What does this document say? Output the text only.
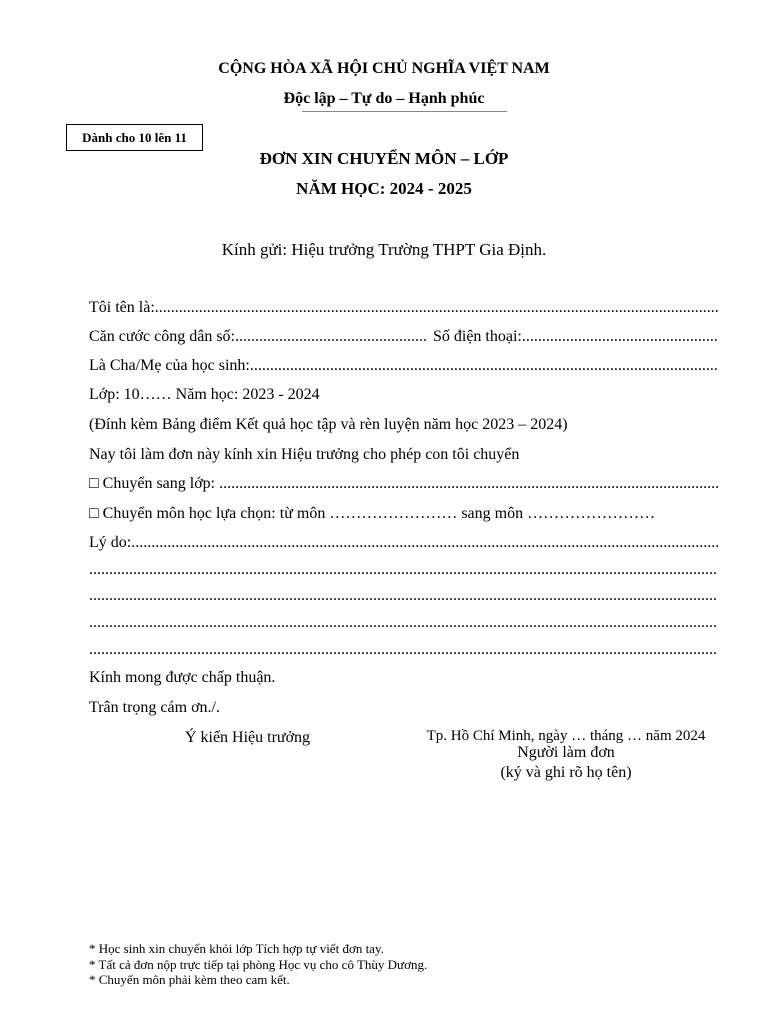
CỘNG HÒA XÃ HỘI CHỦ NGHĨA VIỆT NAM
Độc lập – Tự do – Hạnh phúc
Dành cho 10 lên 11
ĐƠN XIN CHUYỂN MÔN – LỚP
NĂM HỌC: 2024 - 2025
Kính gửi: Hiệu trưởng Trường THPT Gia Định.
Tôi tên là:
.....
Căn cước công dân số: ................................................ Số điện thoại:
.....
Là Cha/Mẹ của học sinh:
.....
Lớp: 10…… Năm học: 2023 - 2024
(Đính kèm Bảng điểm Kết quả học tập và rèn luyện năm học 2023 – 2024)
Nay tôi làm đơn này kính xin Hiệu trưởng cho phép con tôi chuyển
□ Chuyển sang lớp:
.....
□ Chuyển môn học lựa chọn: từ môn …………………… sang môn ……………………
Lý do:
.....
.....
.....
.....
.....
Kính mong được chấp thuận.
Trân trọng cám ơn./.
Ý kiến Hiệu trưởng	Tp. Hồ Chí Minh, ngày … tháng … năm 2024
Người làm đơn
(ký và ghi rõ họ tên)
* Học sinh xin chuyển khỏi lớp Tích hợp tự viết đơn tay.
* Tất cả đơn nộp trực tiếp tại phòng Học vụ cho cô Thùy Dương.
* Chuyển môn phải kèm theo cam kết.
